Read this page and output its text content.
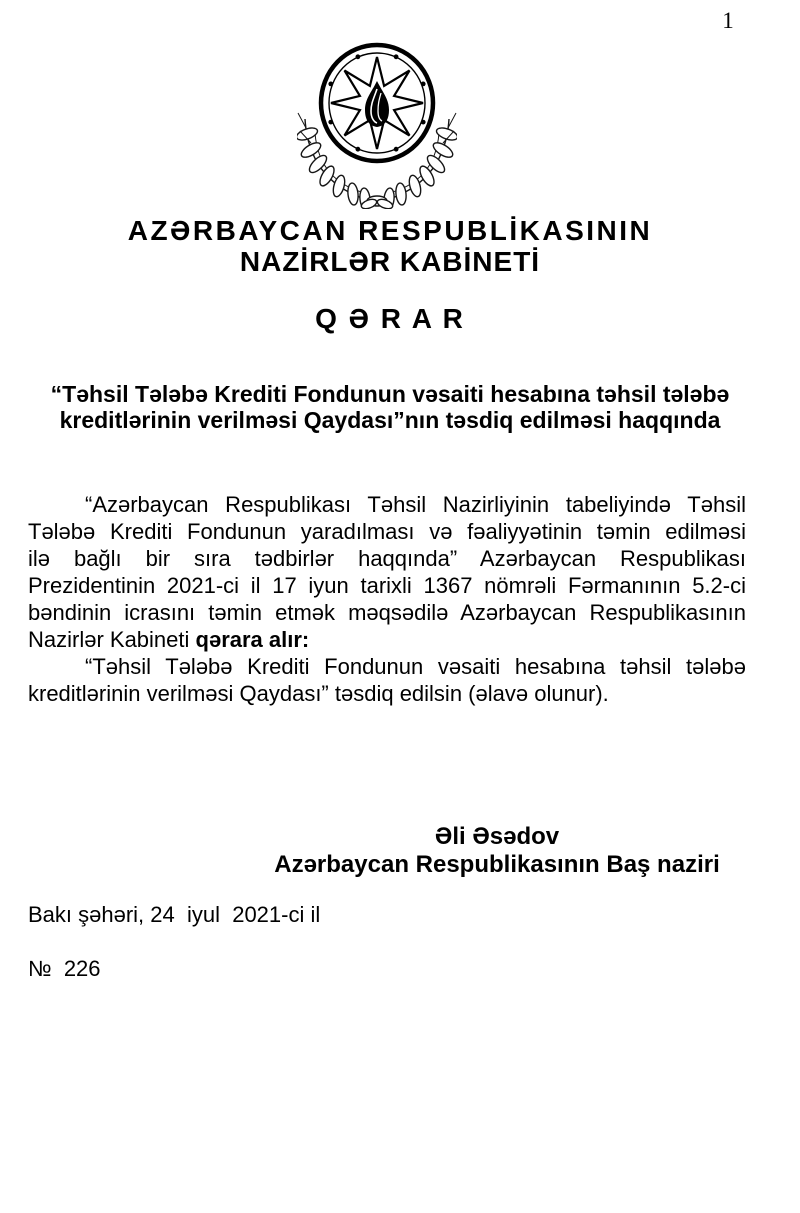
1
AZƏRBAYCAN RESPUBLİKASININ
NAZİRLƏR KABİNETİ
Q Ə R A R
“Təhsil Tələbə Krediti Fondunun vəsaiti hesabına təhsil tələbə
kreditlərinin verilməsi Qaydası”nın təsdiq edilməsi haqqında
“Azərbaycan Respublikası Təhsil Nazirliyinin tabeliyində Təhsil
Tələbə Krediti Fondunun yaradılması və fəaliyyətinin təmin edilməsi
ilə bağlı bir sıra tədbirlər haqqında” Azərbaycan Respublikası
Prezidentinin 2021-ci il 17 iyun tarixli 1367 nömrəli Fərmanının 5.2-ci
bəndinin icrasını təmin etmək məqsədilə Azərbaycan Respublikasının
Nazirlər Kabineti qərara alır:
“Təhsil Tələbə Krediti Fondunun vəsaiti hesabına təhsil tələbə
kreditlərinin verilməsi Qaydası” təsdiq edilsin (əlavə olunur).
Əli Əsədov
Azərbaycan Respublikasının Baş naziri
Bakı şəhəri, 24  iyul  2021-ci il
№  226
